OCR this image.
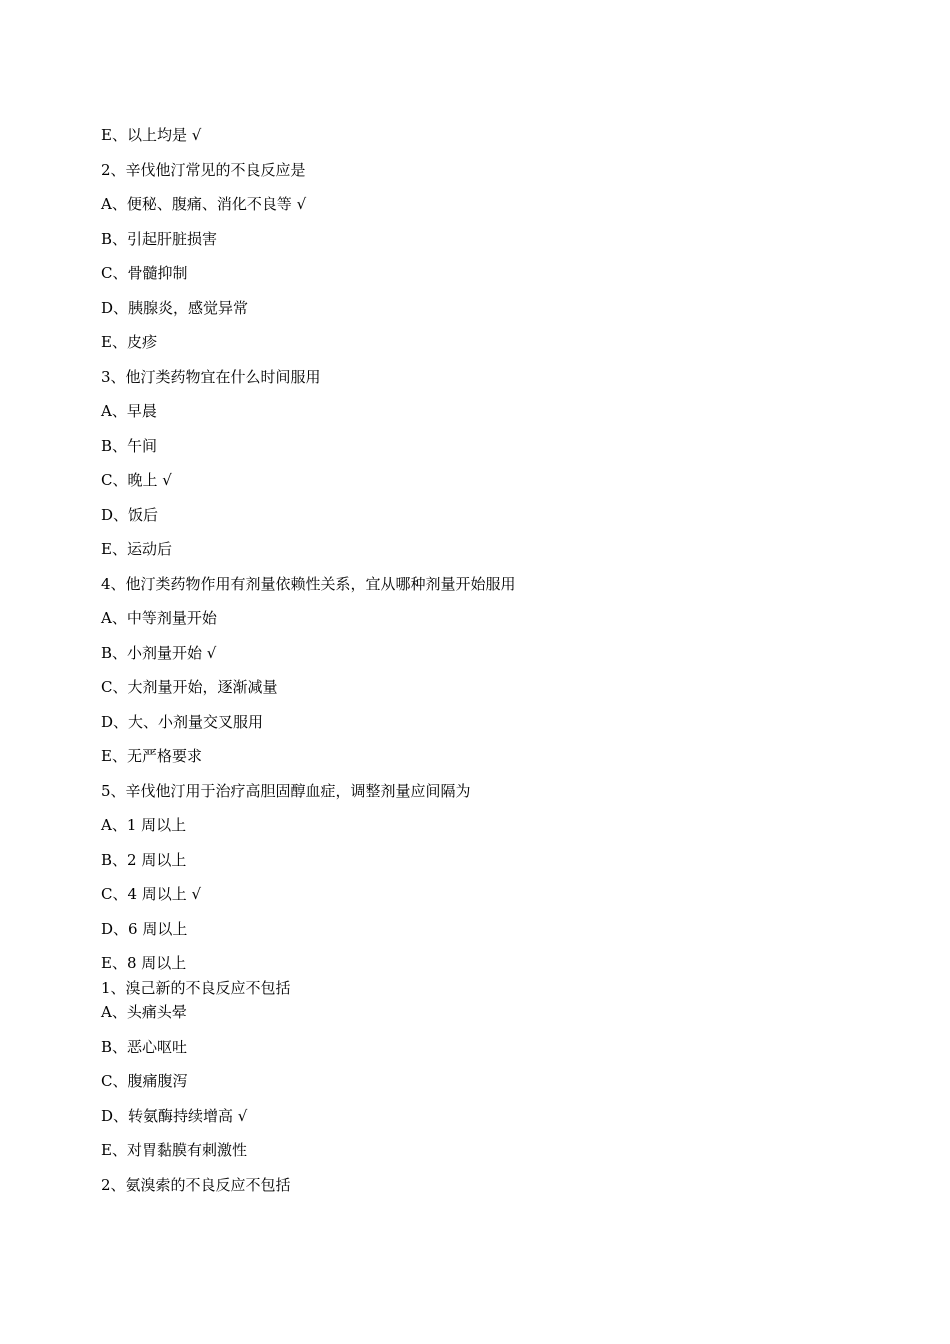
E、以上均是 √

2、辛伐他汀常见的不良反应是

A、便秘、腹痛、消化不良等 √

B、引起肝脏损害

C、骨髓抑制

D、胰腺炎，感觉异常

E、皮疹

3、他汀类药物宜在什么时间服用

A、早晨

B、午间

C、晚上 √

D、饭后

E、运动后

4、他汀类药物作用有剂量依赖性关系，宜从哪种剂量开始服用

A、中等剂量开始

B、小剂量开始 √

C、大剂量开始，逐渐减量

D、大、小剂量交叉服用

E、无严格要求

5、辛伐他汀用于治疗高胆固醇血症，调整剂量应间隔为

A、1 周以上

B、2 周以上

C、4 周以上 √

D、6 周以上

E、8 周以上

1、溴己新的不良反应不包括

A、头痛头晕

B、恶心呕吐

C、腹痛腹泻

D、转氨酶持续增高 √

E、对胃黏膜有刺激性

2、氨溴索的不良反应不包括
